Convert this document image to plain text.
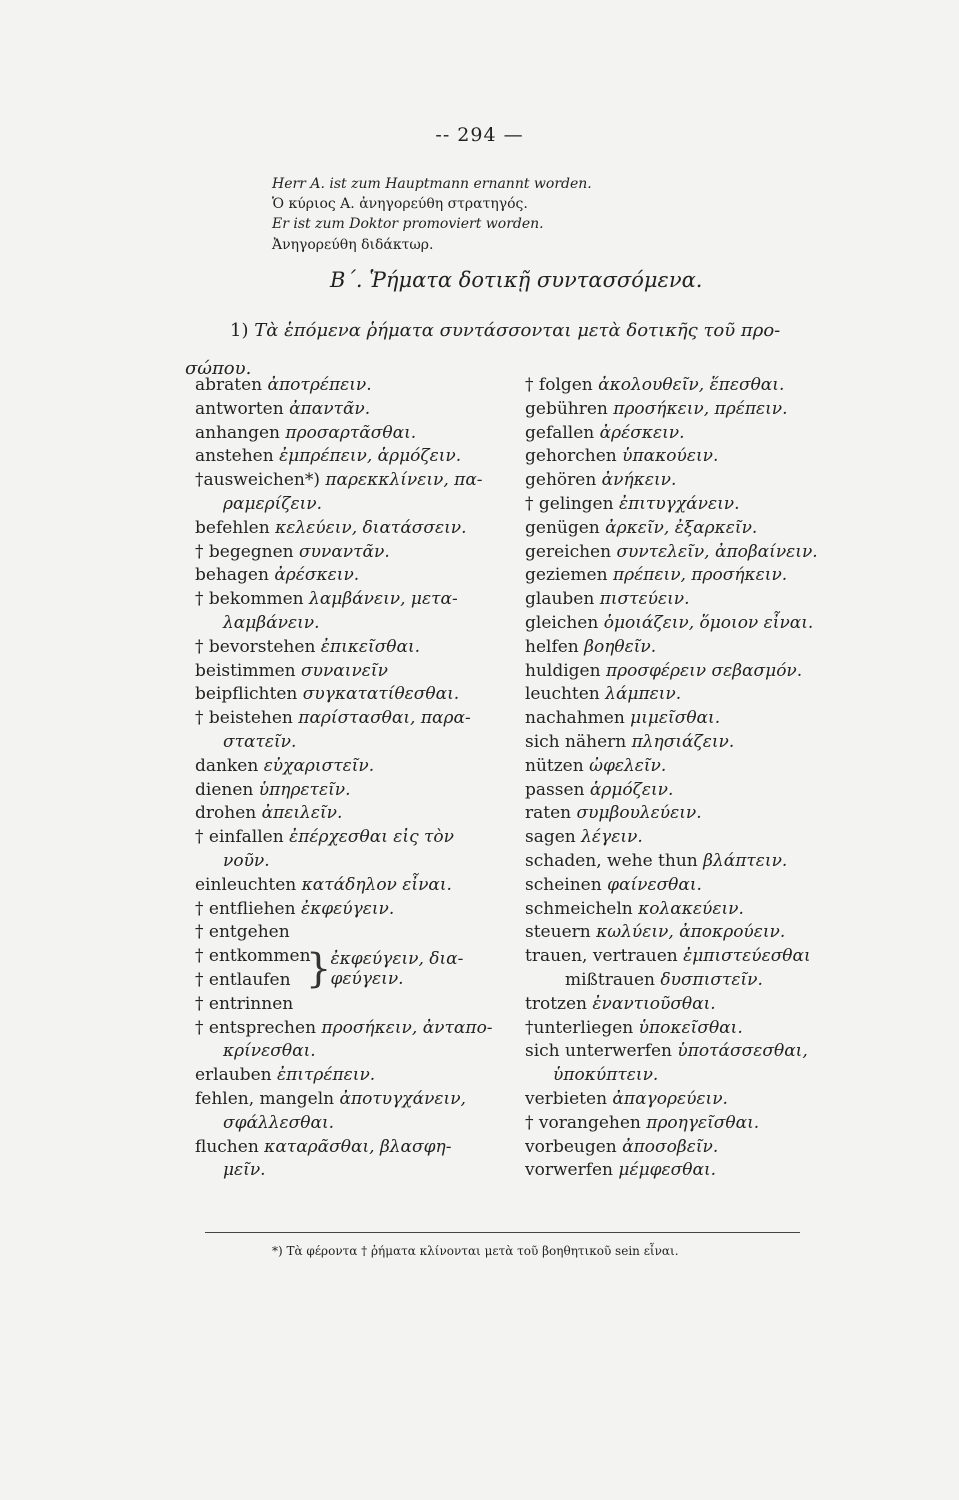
-- 294 —
Herr A. ist zum Hauptmann ernannt worden.
Ὁ κύριος Α. ἀνηγορεύθη στρατηγός.
Er ist zum Doktor promoviert worden.
Ἀνηγορεύθη διδάκτωρ.
Β΄. Ῥήματα δοτικῇ συντασσόμενα.
1) Τὰ ἑπόμενα ῥήματα συντάσσονται μετὰ δοτικῆς τοῦ προ-
σώπου.
abraten ἀποτρέπειν.
antworten ἀπαντᾶν.
anhangen προσαρτᾶσθαι.
anstehen ἐμπρέπειν, ἁρμόζειν.
†ausweichen*) παρεκκλίνειν, πα-
ραμερίζειν.
befehlen κελεύειν, διατάσσειν.
† begegnen συναντᾶν.
behagen ἀρέσκειν.
† bekommen λαμβάνειν, μετα-
λαμβάνειν.
† bevorstehen ἐπικεῖσθαι.
beistimmen συναινεῖν
beipflichten συγκατατίθεσθαι.
† beistehen παρίστασθαι, παρα-
στατεῖν.
danken εὐχαριστεῖν.
dienen ὑπηρετεῖν.
drohen ἀπειλεῖν.
† einfallen ἐπέρχεσθαι εἰς τὸν
νοῦν.
einleuchten κατάδηλον εἶναι.
† entfliehen ἐκφεύγειν.
† entgehen
† entkommen
† entlaufen
† entrinnen
} ἐκφεύγειν, δια-
φεύγειν.
† entsprechen προσήκειν, ἀνταπο-
κρίνεσθαι.
erlauben ἐπιτρέπειν.
fehlen, mangeln ἀποτυγχάνειν,
σφάλλεσθαι.
fluchen καταρᾶσθαι, βλασφη-
μεῖν.
† folgen ἀκολουθεῖν, ἕπεσθαι.
gebühren προσήκειν, πρέπειν.
gefallen ἀρέσκειν.
gehorchen ὑπακούειν.
gehören ἀνήκειν.
† gelingen ἐπιτυγχάνειν.
genügen ἀρκεῖν, ἐξαρκεῖν.
gereichen συντελεῖν, ἀποβαίνειν.
geziemen πρέπειν, προσήκειν.
glauben πιστεύειν.
gleichen ὁμοιάζειν, ὅμοιον εἶναι.
helfen βοηθεῖν.
huldigen προσφέρειν σεβασμόν.
leuchten λάμπειν.
nachahmen μιμεῖσθαι.
sich nähern πλησιάζειν.
nützen ὠφελεῖν.
passen ἁρμόζειν.
raten συμβουλεύειν.
sagen λέγειν.
schaden, wehe thun βλάπτειν.
scheinen φαίνεσθαι.
schmeicheln κολακεύειν.
steuern κωλύειν, ἀποκρούειν.
trauen, vertrauen ἐμπιστεύεσθαι
mißtrauen δυσπιστεῖν.
trotzen ἐναντιοῦσθαι.
†unterliegen ὑποκεῖσθαι.
sich unterwerfen ὑποτάσσεσθαι,
ὑποκύπτειν.
verbieten ἀπαγορεύειν.
† vorangehen προηγεῖσθαι.
vorbeugen ἀποσοβεῖν.
vorwerfen μέμφεσθαι.
*) Τὰ φέροντα † ῥήματα κλίνονται μετὰ τοῦ βοηθητικοῦ sein εἶναι.
